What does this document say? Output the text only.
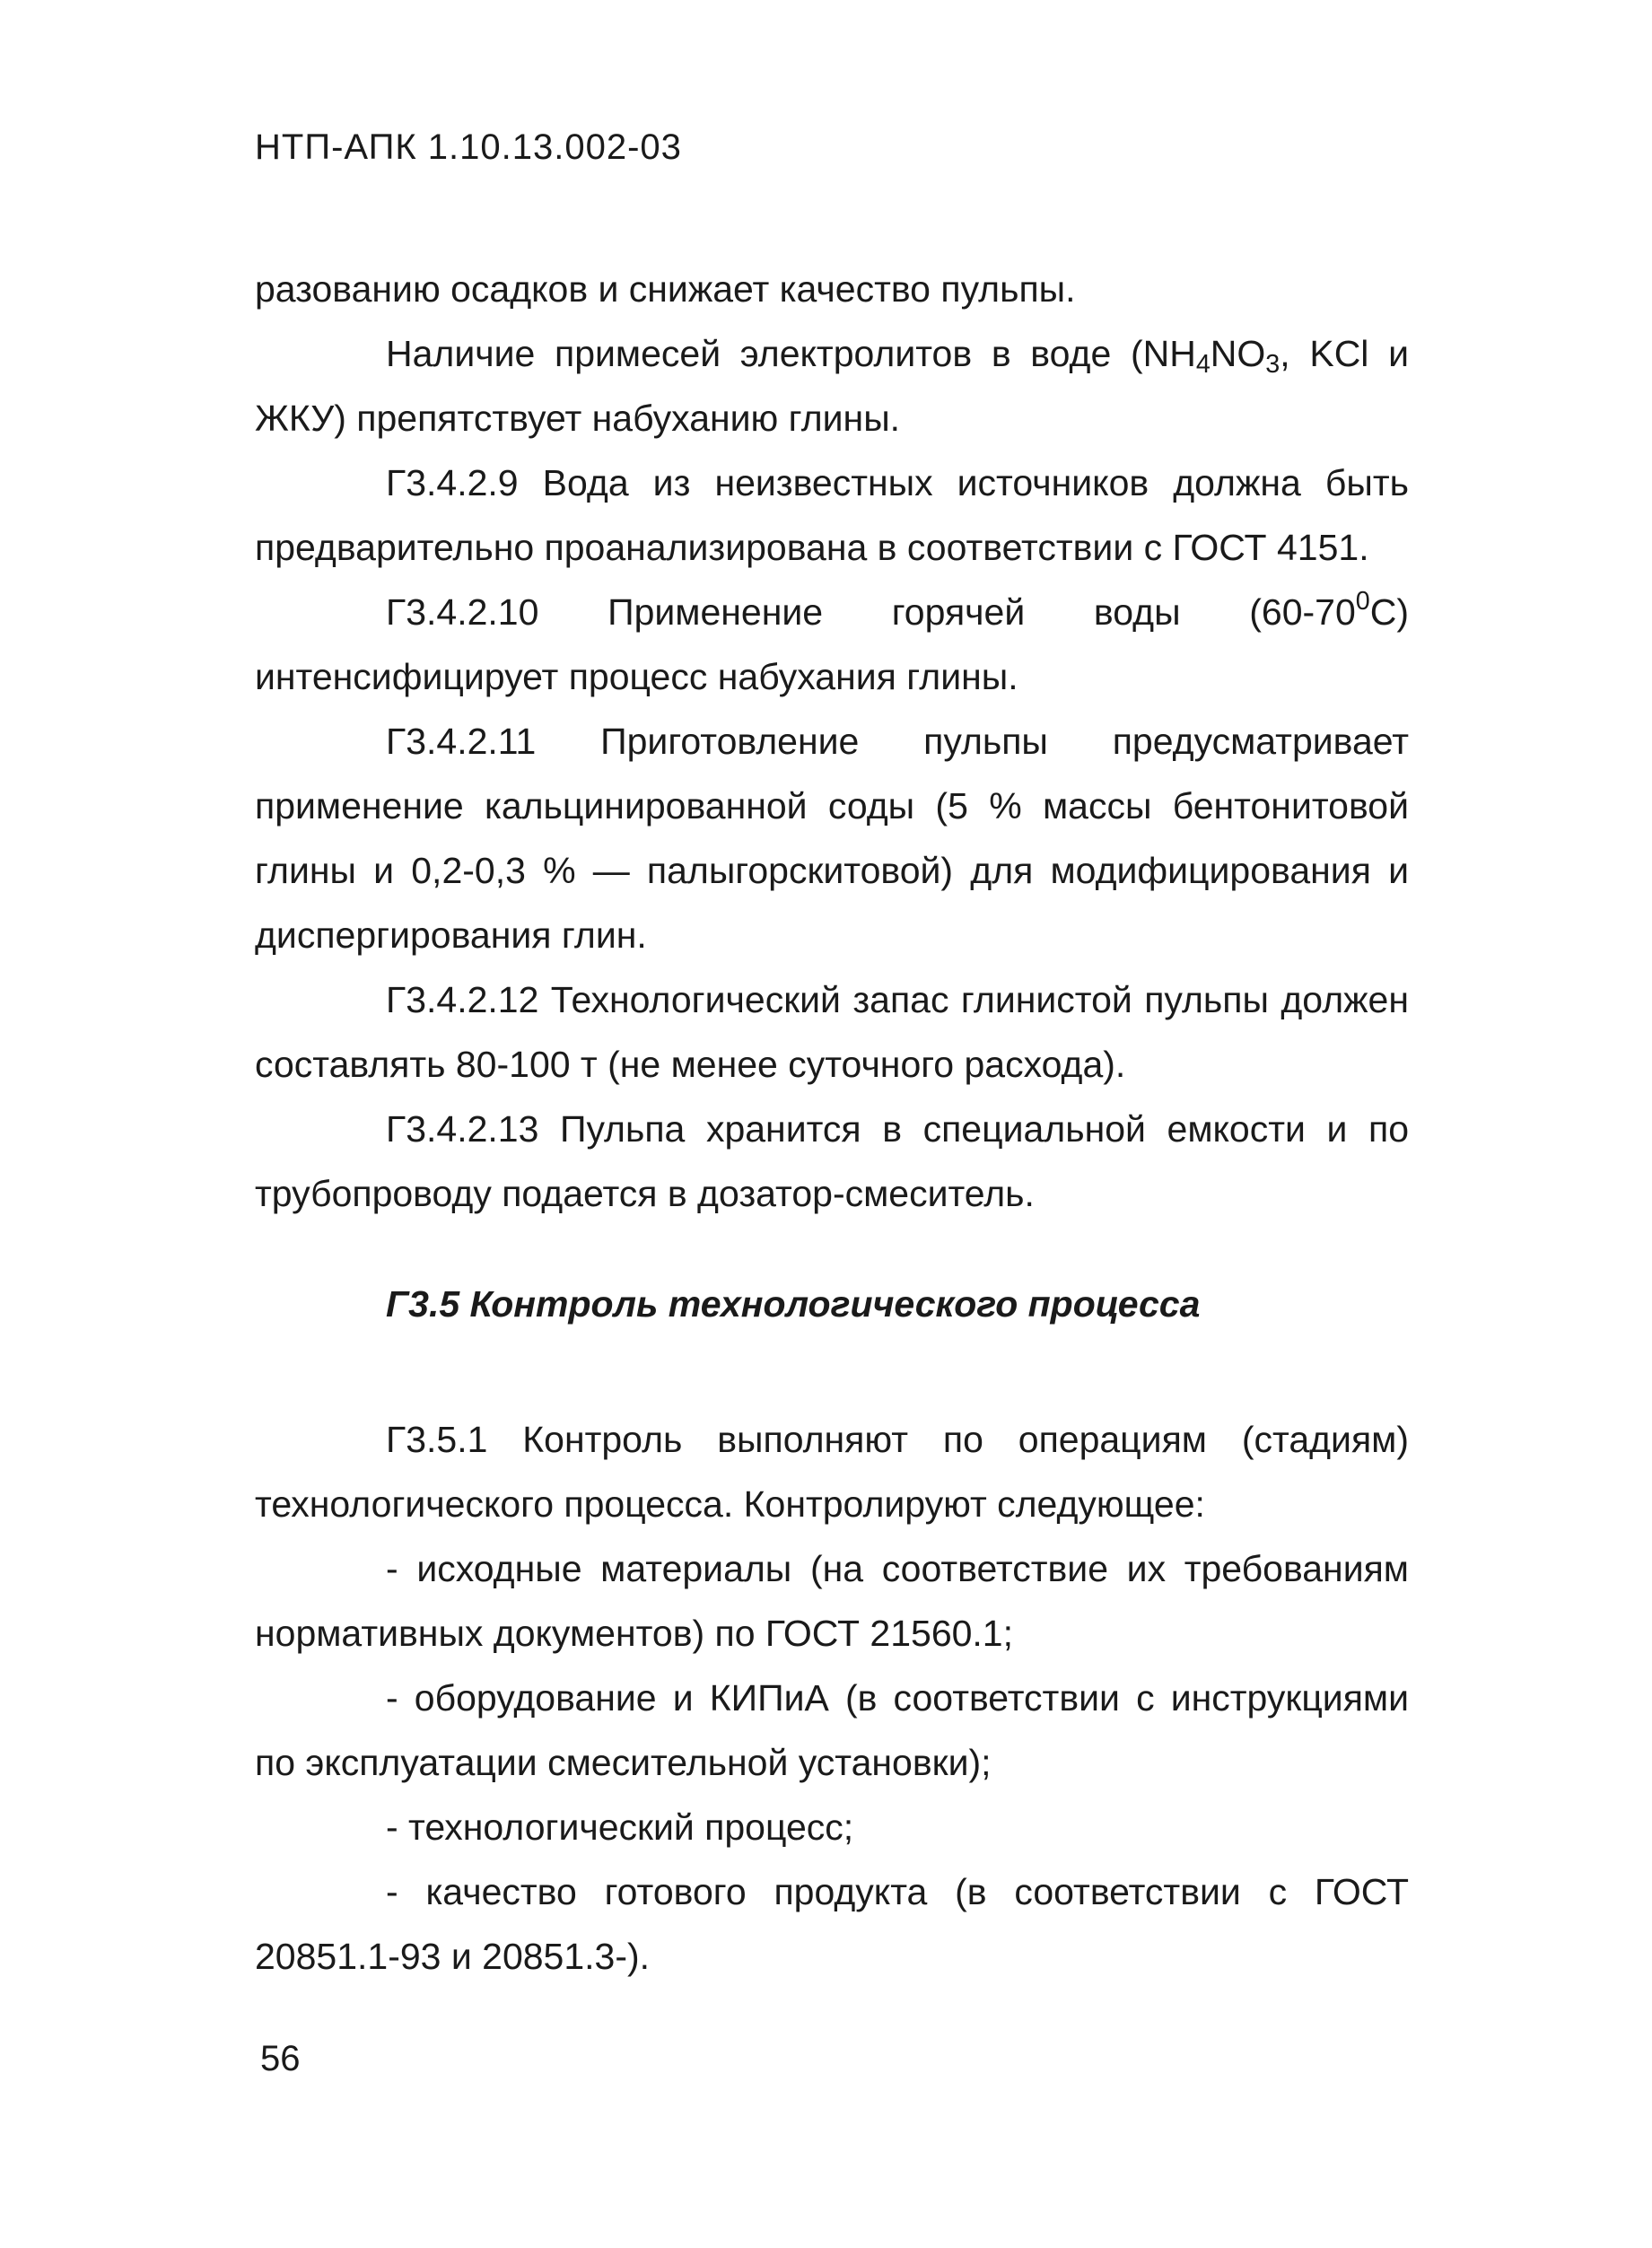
НТП-АПК 1.10.13.002-03

разованию осадков и снижает качество пульпы.

Наличие примесей электролитов в воде ($NH_4NO_3$, KCl и ЖКУ) препятствует набуханию глины.

Г3.4.2.9 Вода из неизвестных источников должна быть предварительно проанализирована в соответствии с ГОСТ 4151.

Г3.4.2.10 Применение горячей воды $(60-70^0С)$ интенсифицирует процесс набухания глины.

Г3.4.2.11 Приготовление пульпы предусматривает применение кальцинированной соды (5 % массы бентонитовой глины и 0,2-0,3 % — палыгорскитовой) для модифицирования и диспергирования глин.

Г3.4.2.12 Технологический запас глинистой пульпы должен составлять 80-100 т (не менее суточного расхода).

Г3.4.2.13 Пульпа хранится в специальной емкости и по трубопроводу подается в дозатор-смеситель.

Г3.5 Контроль технологического процесса

Г3.5.1 Контроль выполняют по операциям (стадиям) технологического процесса. Контролируют следующее:

- исходные материалы (на соответствие их требованиям нормативных документов) по ГОСТ 21560.1;

- оборудование и КИПиА (в соответствии с инструкциями по эксплуатации смесительной установки);

- технологический процесс;

- качество готового продукта (в соответствии с ГОСТ 20851.1-93 и 20851.3-).

56
